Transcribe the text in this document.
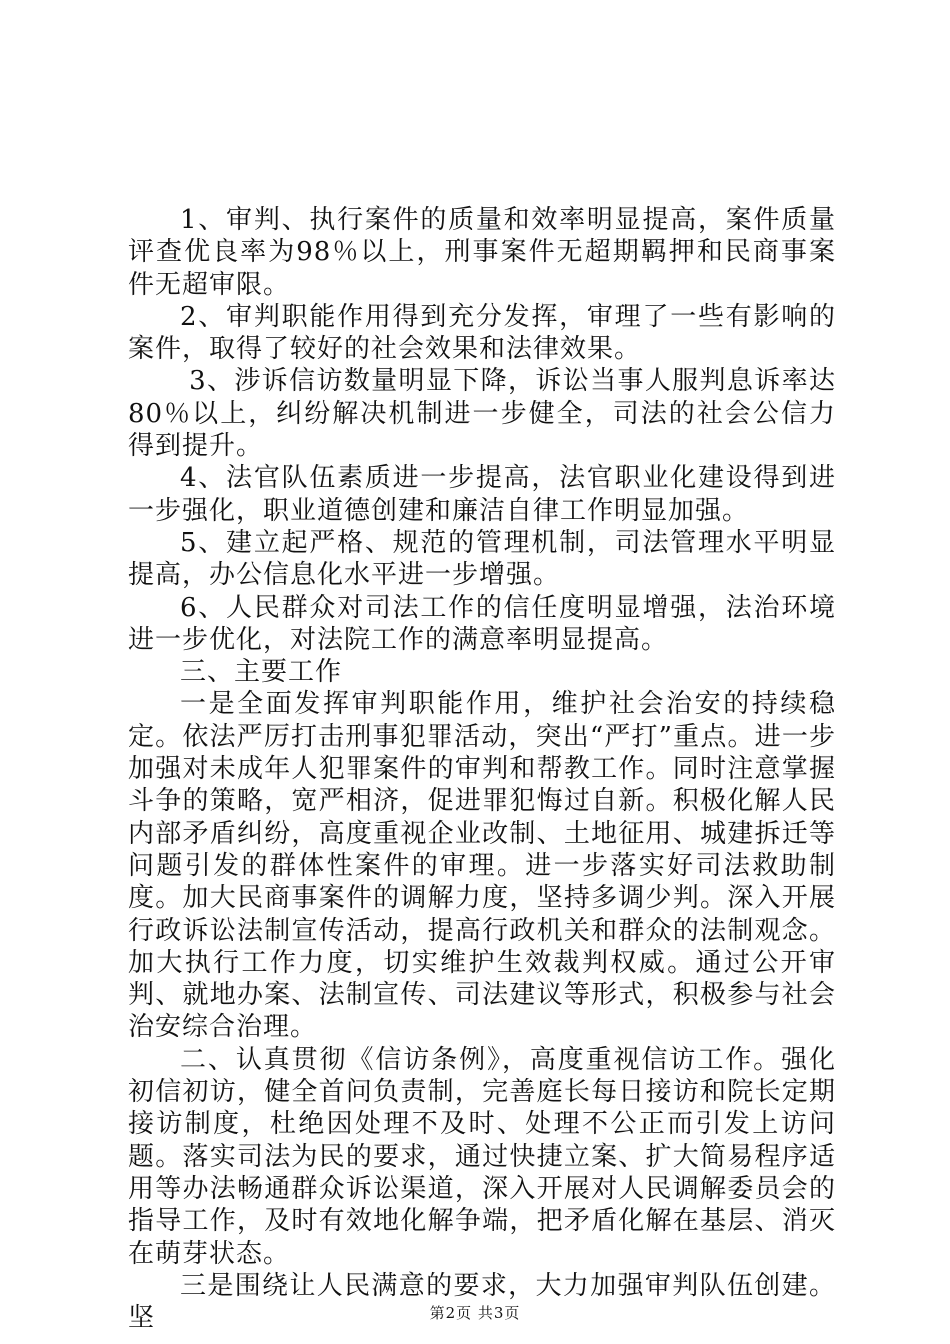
1、审判、执行案件的质量和效率明显提高，案件质量评查优良率为98％以上，刑事案件无超期羁押和民商事案件无超审限。

2、审判职能作用得到充分发挥，审理了一些有影响的案件，取得了较好的社会效果和法律效果。

3、涉诉信访数量明显下降，诉讼当事人服判息诉率达80％以上，纠纷解决机制进一步健全，司法的社会公信力得到提升。

4、法官队伍素质进一步提高，法官职业化建设得到进一步强化，职业道德创建和廉洁自律工作明显加强。

5、建立起严格、规范的管理机制，司法管理水平明显提高，办公信息化水平进一步增强。

6、人民群众对司法工作的信任度明显增强，法治环境进一步优化，对法院工作的满意率明显提高。

三、主要工作

一是全面发挥审判职能作用，维护社会治安的持续稳定。依法严厉打击刑事犯罪活动，突出“严打”重点。进一步加强对未成年人犯罪案件的审判和帮教工作。同时注意掌握斗争的策略，宽严相济，促进罪犯悔过自新。积极化解人民内部矛盾纠纷，高度重视企业改制、土地征用、城建拆迁等问题引发的群体性案件的审理。进一步落实好司法救助制度。加大民商事案件的调解力度，坚持多调少判。深入开展行政诉讼法制宣传活动，提高行政机关和群众的法制观念。加大执行工作力度，切实维护生效裁判权威。通过公开审判、就地办案、法制宣传、司法建议等形式，积极参与社会治安综合治理。

二、认真贯彻《信访条例》，高度重视信访工作。强化初信初访，健全首问负责制，完善庭长每日接访和院长定期接访制度，杜绝因处理不及时、处理不公正而引发上访问题。落实司法为民的要求，通过快捷立案、扩大简易程序适用等办法畅通群众诉讼渠道，深入开展对人民调解委员会的指导工作，及时有效地化解争端，把矛盾化解在基层、消灭在萌芽状态。

三是围绕让人民满意的要求，大力加强审判队伍创建。坚	第2页 共3页
